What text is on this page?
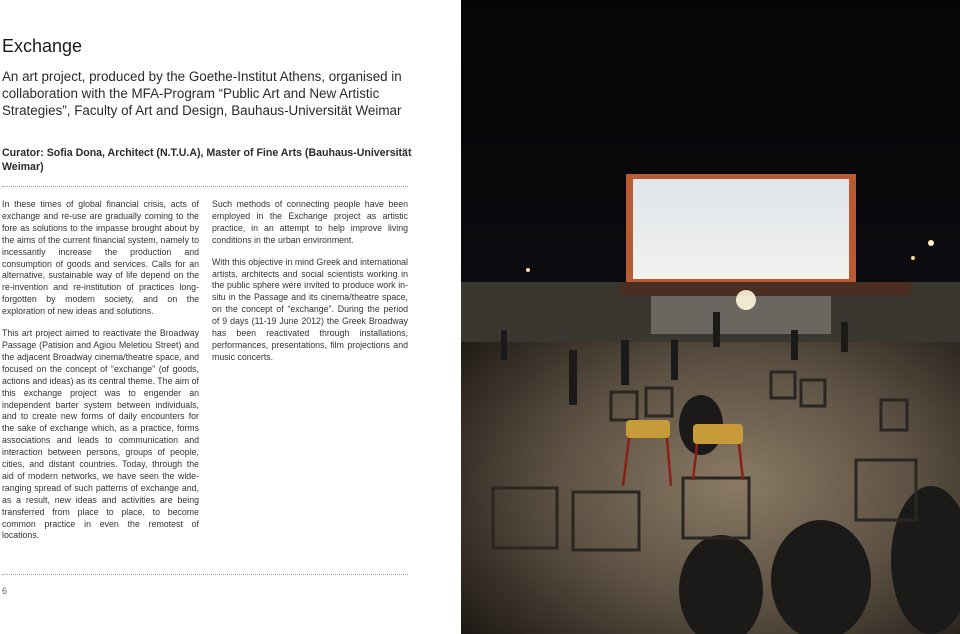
Exchange
An art project, produced by the Goethe-Institut Athens, organised in collaboration with the MFA-Program “Public Art and New Artistic Strategies”, Faculty of Art and Design, Bauhaus-Universität Weimar
Curator: Sofia Dona, Architect (N.T.U.A), Master of Fine Arts (Bauhaus-Universität Weimar)

In these times of global financial crisis, acts of exchange and re-use are gradually coming to the fore as solutions to the impasse brought about by the aims of the current financial system, namely to incessantly increase the production and consumption of goods and services. Calls for an alternative, sustainable way of life depend on the re-invention and re-institution of practices long-forgotten by modern society, and on the exploration of new ideas and solutions.

This art project aimed to reactivate the Broadway Passage (Patision and Agiou Meletiou Street) and the adjacent Broadway cinema/theatre space, and focused on the concept of “exchange” (of goods, actions and ideas) as its central theme. The aim of this exchange project was to engender an independent barter system between individuals, and to create new forms of daily encounters for the sake of exchange which, as a practice, forms associations and leads to communication and interaction between persons, groups of people, cities, and distant countries. Today, through the aid of modern networks, we have seen the wide-ranging spread of such patterns of exchange and, as a result, new ideas and activities are being transferred from place to place, to become common practice in even the remotest of locations.

Such methods of connecting people have been employed in the Exchange project as artistic practice, in an attempt to help improve living conditions in the urban environment.

With this objective in mind Greek and international artists, architects and social scientists working in the public sphere were invited to produce work in-situ in the Passage and its cinema/theatre space, on the concept of “exchange”. During the period of 9 days (11-19 June 2012) the Greek Broadway has been reactivated through installations, performances, presentations, film projections and music concerts.

6
